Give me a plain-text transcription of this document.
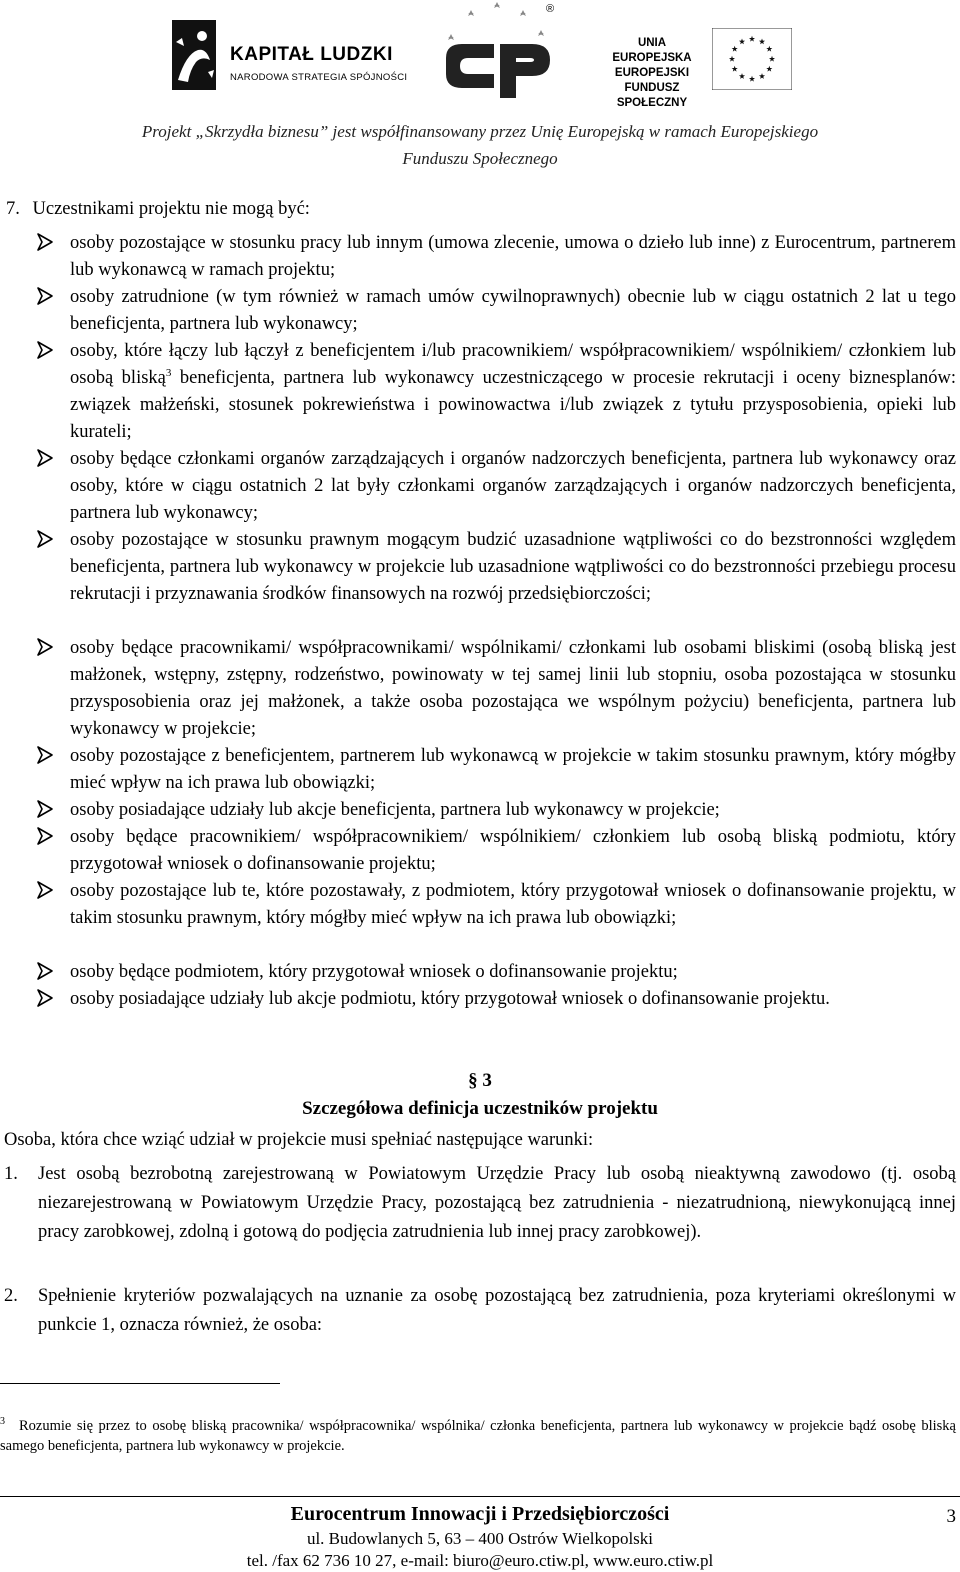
KAPITAŁ LUDZKI
NARODOWA STRATEGIA SPÓJNOŚCI
®
UNIA EUROPEJSKA
EUROPEJSKI
FUNDUSZ SPOŁECZNY
Projekt „Skrzydła biznesu” jest współfinansowany przez Unię Europejską w ramach Europejskiego
Funduszu Społecznego
7. Uczestnikami projektu nie mogą być:
osoby pozostające w stosunku pracy lub innym (umowa zlecenie, umowa o dzieło lub inne) z Eurocentrum, partnerem lub wykonawcą w ramach projektu;
osoby zatrudnione (w tym również w ramach umów cywilnoprawnych) obecnie lub w ciągu ostatnich 2 lat u tego beneficjenta, partnera lub wykonawcy;
osoby, które łączy lub łączył z beneficjentem i/lub pracownikiem/ współpracownikiem/ wspólnikiem/ członkiem lub osobą bliską$^3$ beneficjenta, partnera lub wykonawcy uczestniczącego w procesie rekrutacji i oceny biznesplanów: związek małżeński, stosunek pokrewieństwa i powinowactwa i/lub związek z tytułu przysposobienia, opieki lub kurateli;
osoby będące członkami organów zarządzających i organów nadzorczych beneficjenta, partnera lub wykonawcy oraz osoby, które w ciągu ostatnich 2 lat były członkami organów zarządzających i organów nadzorczych beneficjenta, partnera lub wykonawcy;
osoby pozostające w stosunku prawnym mogącym budzić uzasadnione wątpliwości co do bezstronności względem beneficjenta, partnera lub wykonawcy w projekcie lub uzasadnione wątpliwości co do bezstronności przebiegu procesu rekrutacji i przyznawania środków finansowych na rozwój przedsiębiorczości;
osoby będące pracownikami/ współpracownikami/ wspólnikami/ członkami lub osobami bliskimi (osobą bliską jest małżonek, wstępny, zstępny, rodzeństwo, powinowaty w tej samej linii lub stopniu, osoba pozostająca w stosunku przysposobienia oraz jej małżonek, a także osoba pozostająca we wspólnym pożyciu) beneficjenta, partnera lub wykonawcy w projekcie;
osoby pozostające z beneficjentem, partnerem lub wykonawcą w projekcie w takim stosunku prawnym, który mógłby mieć wpływ na ich prawa lub obowiązki;
osoby posiadające udziały lub akcje beneficjenta, partnera lub wykonawcy w projekcie;
osoby będące pracownikiem/ współpracownikiem/ wspólnikiem/ członkiem lub osobą bliską podmiotu, który przygotował wniosek o dofinansowanie projektu;
osoby pozostające lub te, które pozostawały, z podmiotem, który przygotował wniosek o dofinansowanie projektu, w takim stosunku prawnym, który mógłby mieć wpływ na ich prawa lub obowiązki;
osoby będące podmiotem, który przygotował wniosek o dofinansowanie projektu;
osoby posiadające udziały lub akcje podmiotu, który przygotował wniosek o dofinansowanie projektu.
§ 3
Szczegółowa definicja uczestników projektu
Osoba, która chce wziąć udział w projekcie musi spełniać następujące warunki:
1. Jest osobą bezrobotną zarejestrowaną w Powiatowym Urzędzie Pracy lub osobą nieaktywną zawodowo (tj. osobą niezarejestrowaną w Powiatowym Urzędzie Pracy, pozostającą bez zatrudnienia - niezatrudnioną, niewykonującą innej pracy zarobkowej, zdolną i gotową do podjęcia zatrudnienia lub innej pracy zarobkowej).
2. Spełnienie kryteriów pozwalających na uznanie za osobę pozostającą bez zatrudnienia, poza kryteriami określonymi w punkcie 1, oznacza również, że osoba:
$^3$ Rozumie się przez to osobę bliską pracownika/ współpracownika/ wspólnika/ członka beneficjenta, partnera lub wykonawcy w projekcie bądź osobę bliską samego beneficjenta, partnera lub wykonawcy w projekcie.
Eurocentrum Innowacji i Przedsiębiorczości
ul. Budowlanych 5, 63 – 400 Ostrów Wielkopolski
tel. /fax 62 736 10 27, e-mail: biuro@euro.ctiw.pl, www.euro.ctiw.pl
3
